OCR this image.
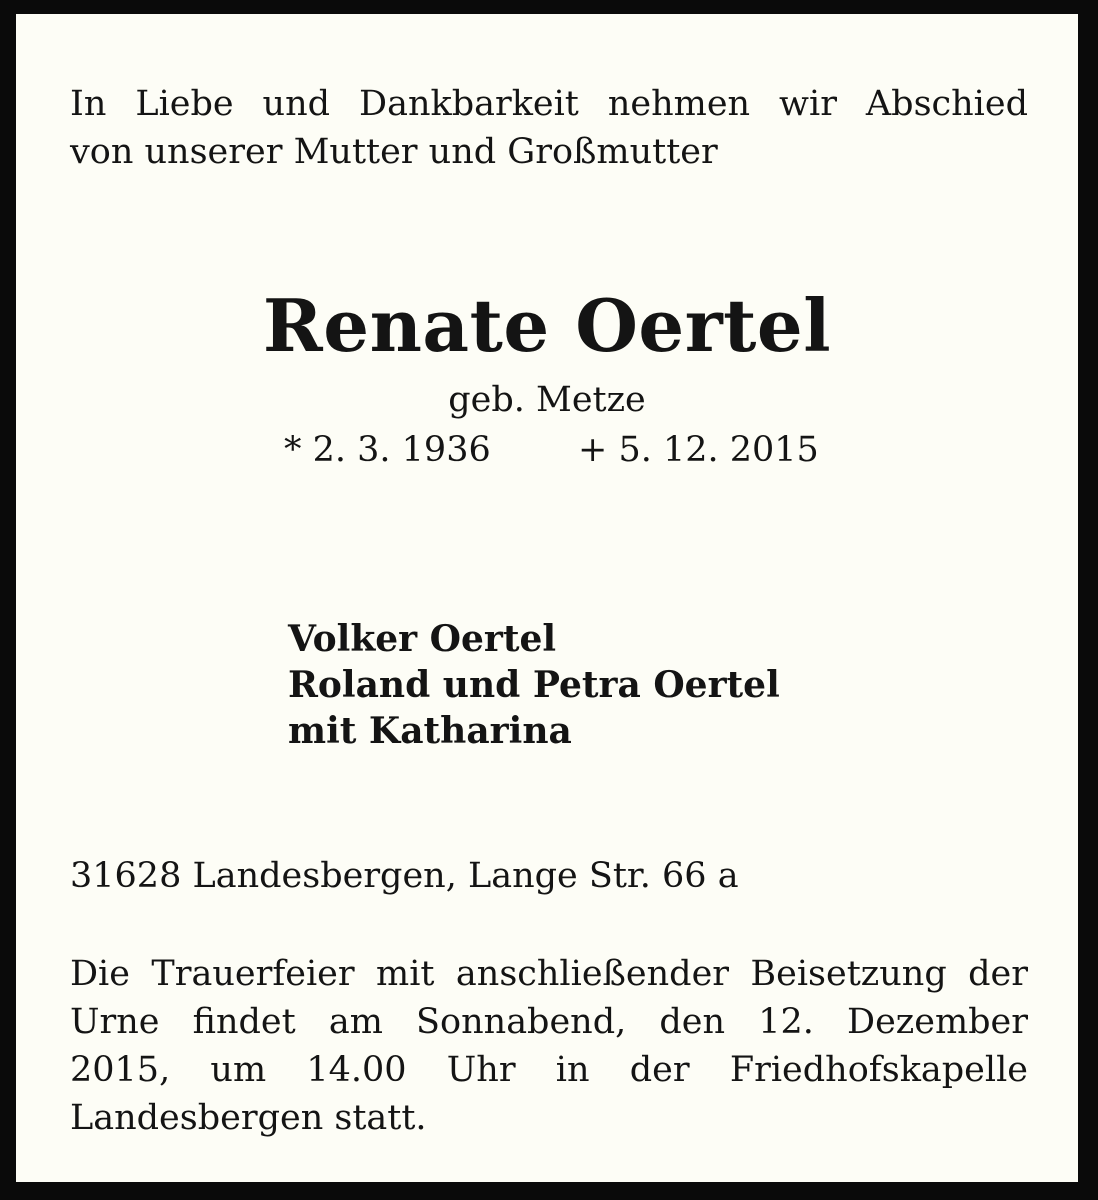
In Liebe und Dankbarkeit nehmen wir Abschied
von unserer Mutter und Großmutter
Renate Oertel
geb. Metze
* 2. 3. 1936 + 5. 12. 2015
Volker Oertel
Roland und Petra Oertel
mit Katharina
31628 Landesbergen, Lange Str. 66 a
Die Trauerfeier mit anschließender Beisetzung der
Urne findet am Sonnabend, den 12. Dezember
2015, um 14.00 Uhr in der Friedhofskapelle
Landesbergen statt.
